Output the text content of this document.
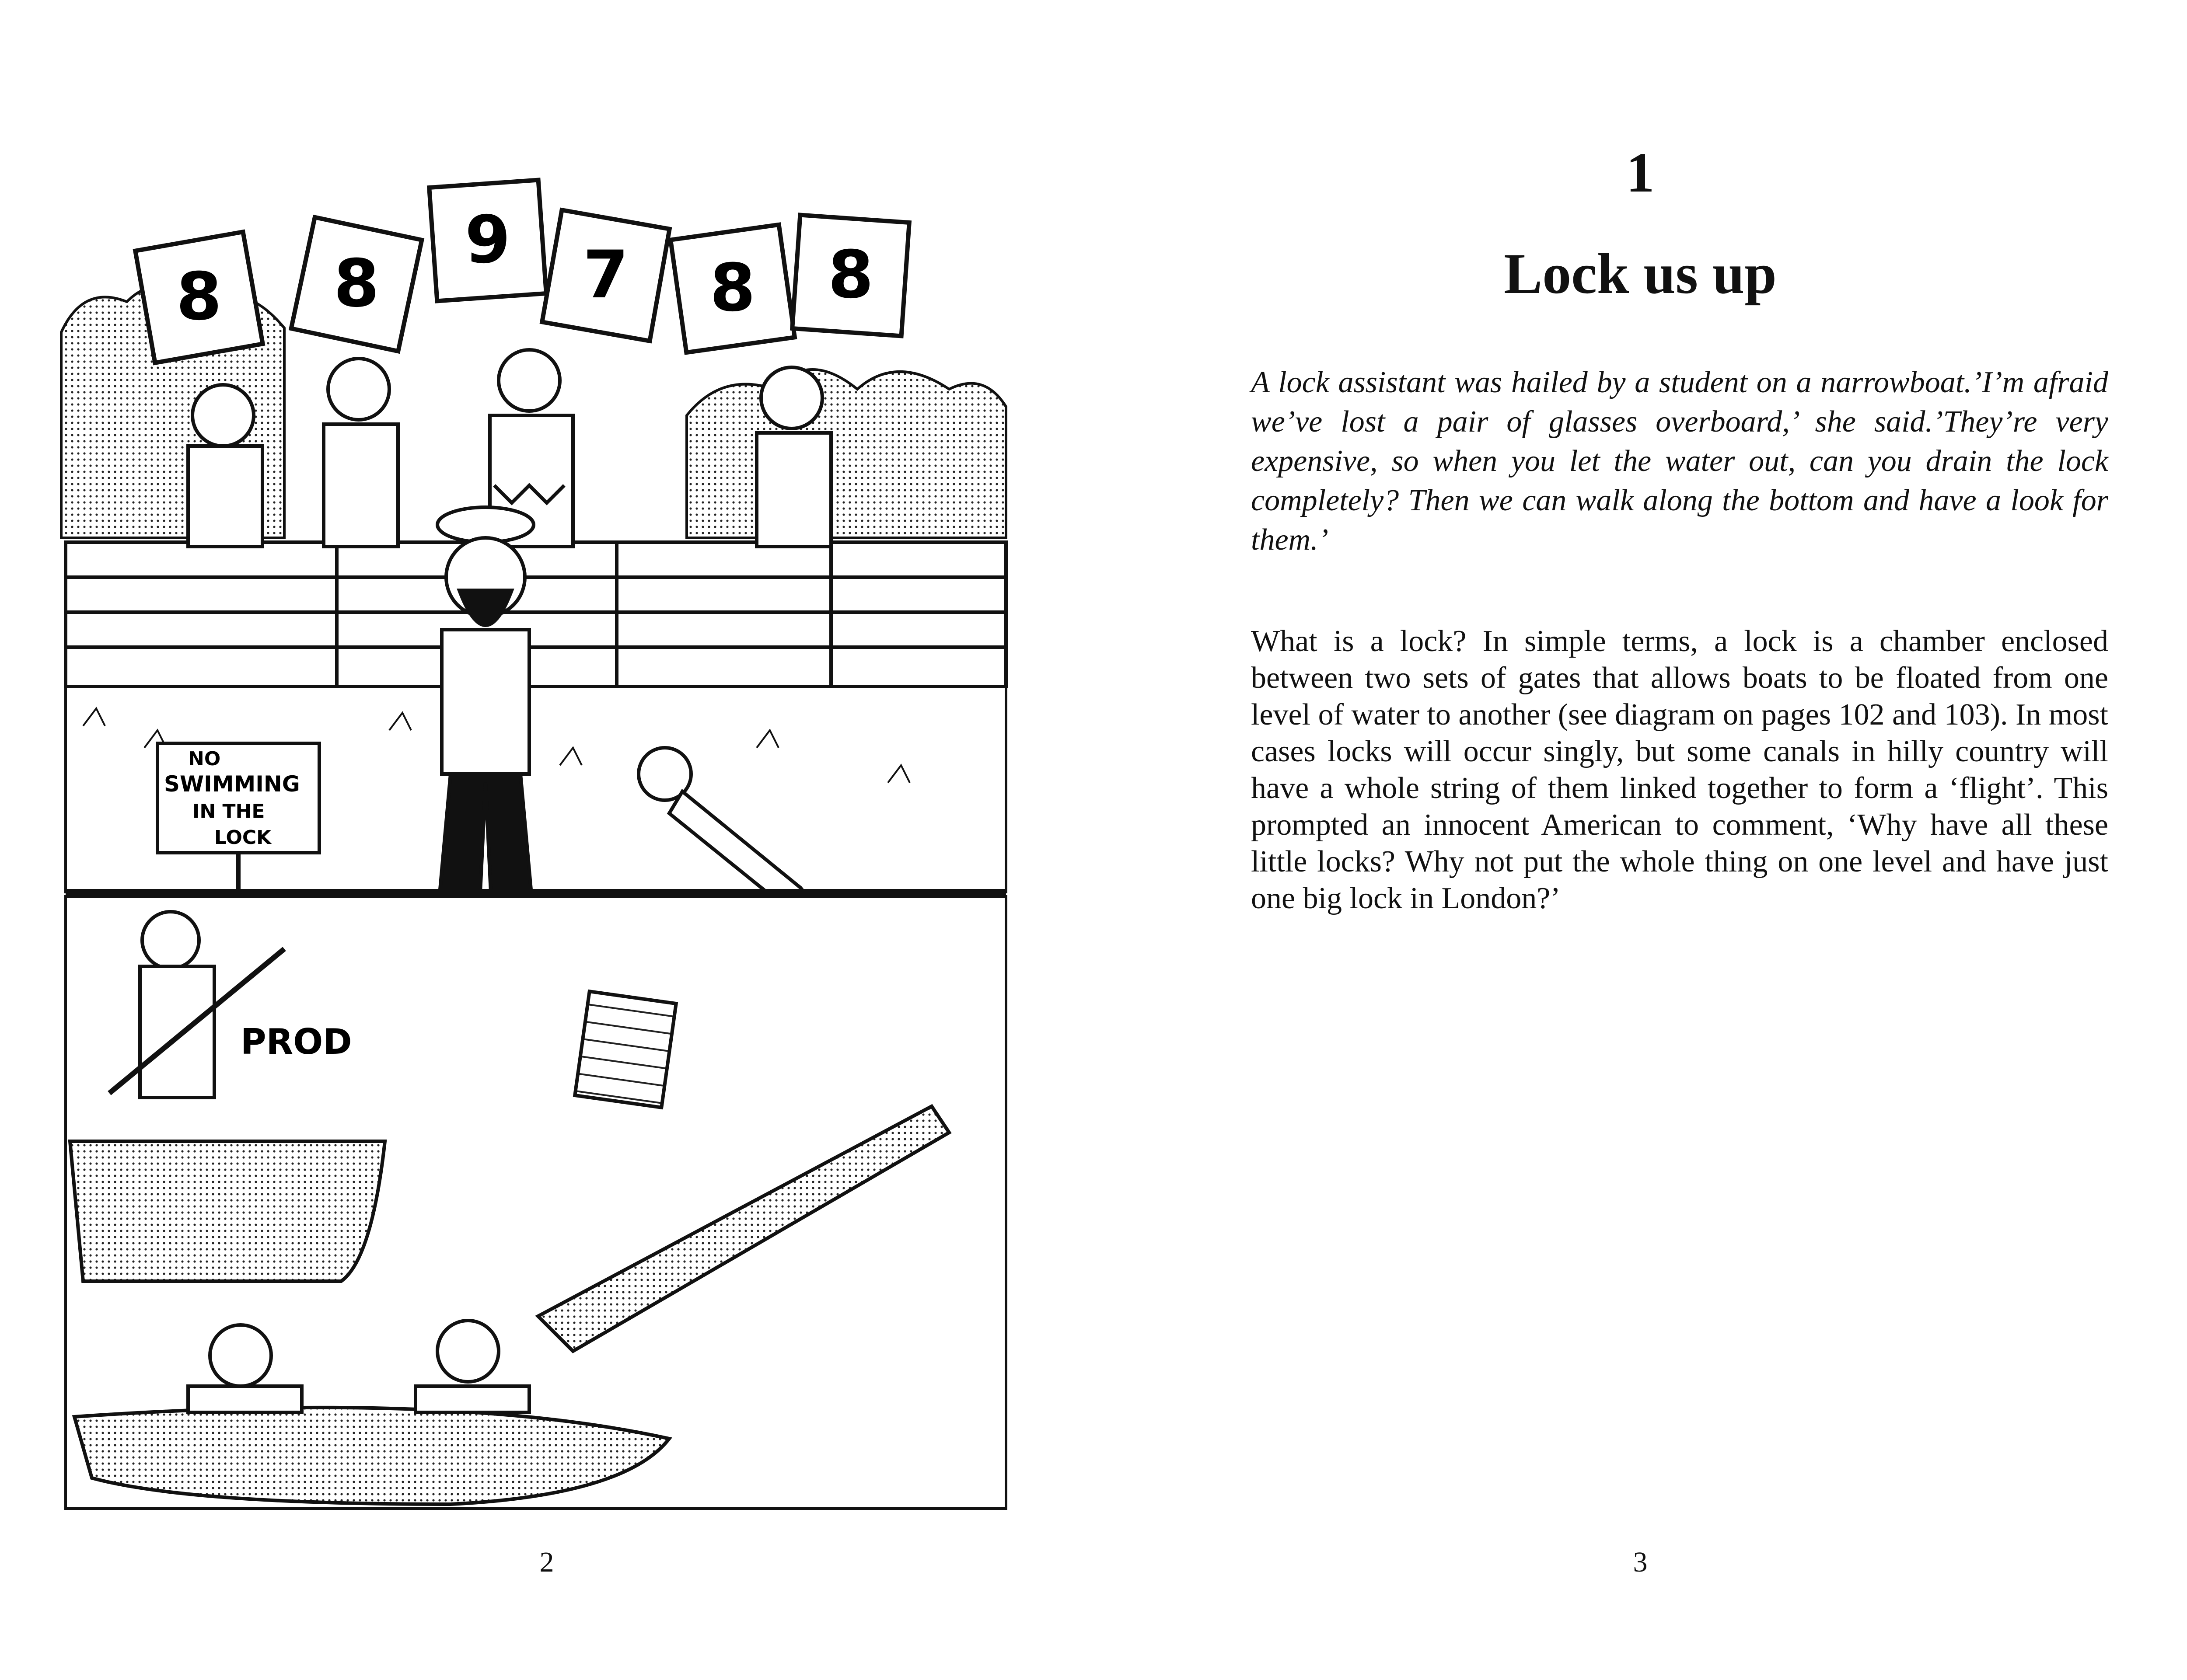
8 8
9 7 8 8
NO
SWIMMING
IN THE
LOCK
PROD
2
1
Lock us up

A lock assistant was hailed by a student on a narrowboat.’I’m afraid we’ve lost a pair of glasses overboard,’ she said.’They’re very expensive, so when you let the water out, can you drain the lock completely? Then we can walk along the bottom and have a look for them.’

What is a lock? In simple terms, a lock is a chamber enclosed between two sets of gates that allows boats to be floated from one level of water to another (see diagram on pages 102 and 103). In most cases locks will occur singly, but some canals in hilly country will have a whole string of them linked together to form a ‘flight’. This prompted an innocent American to comment, ‘Why have all these little locks? Why not put the whole thing on one level and have just one big lock in London?’

3
